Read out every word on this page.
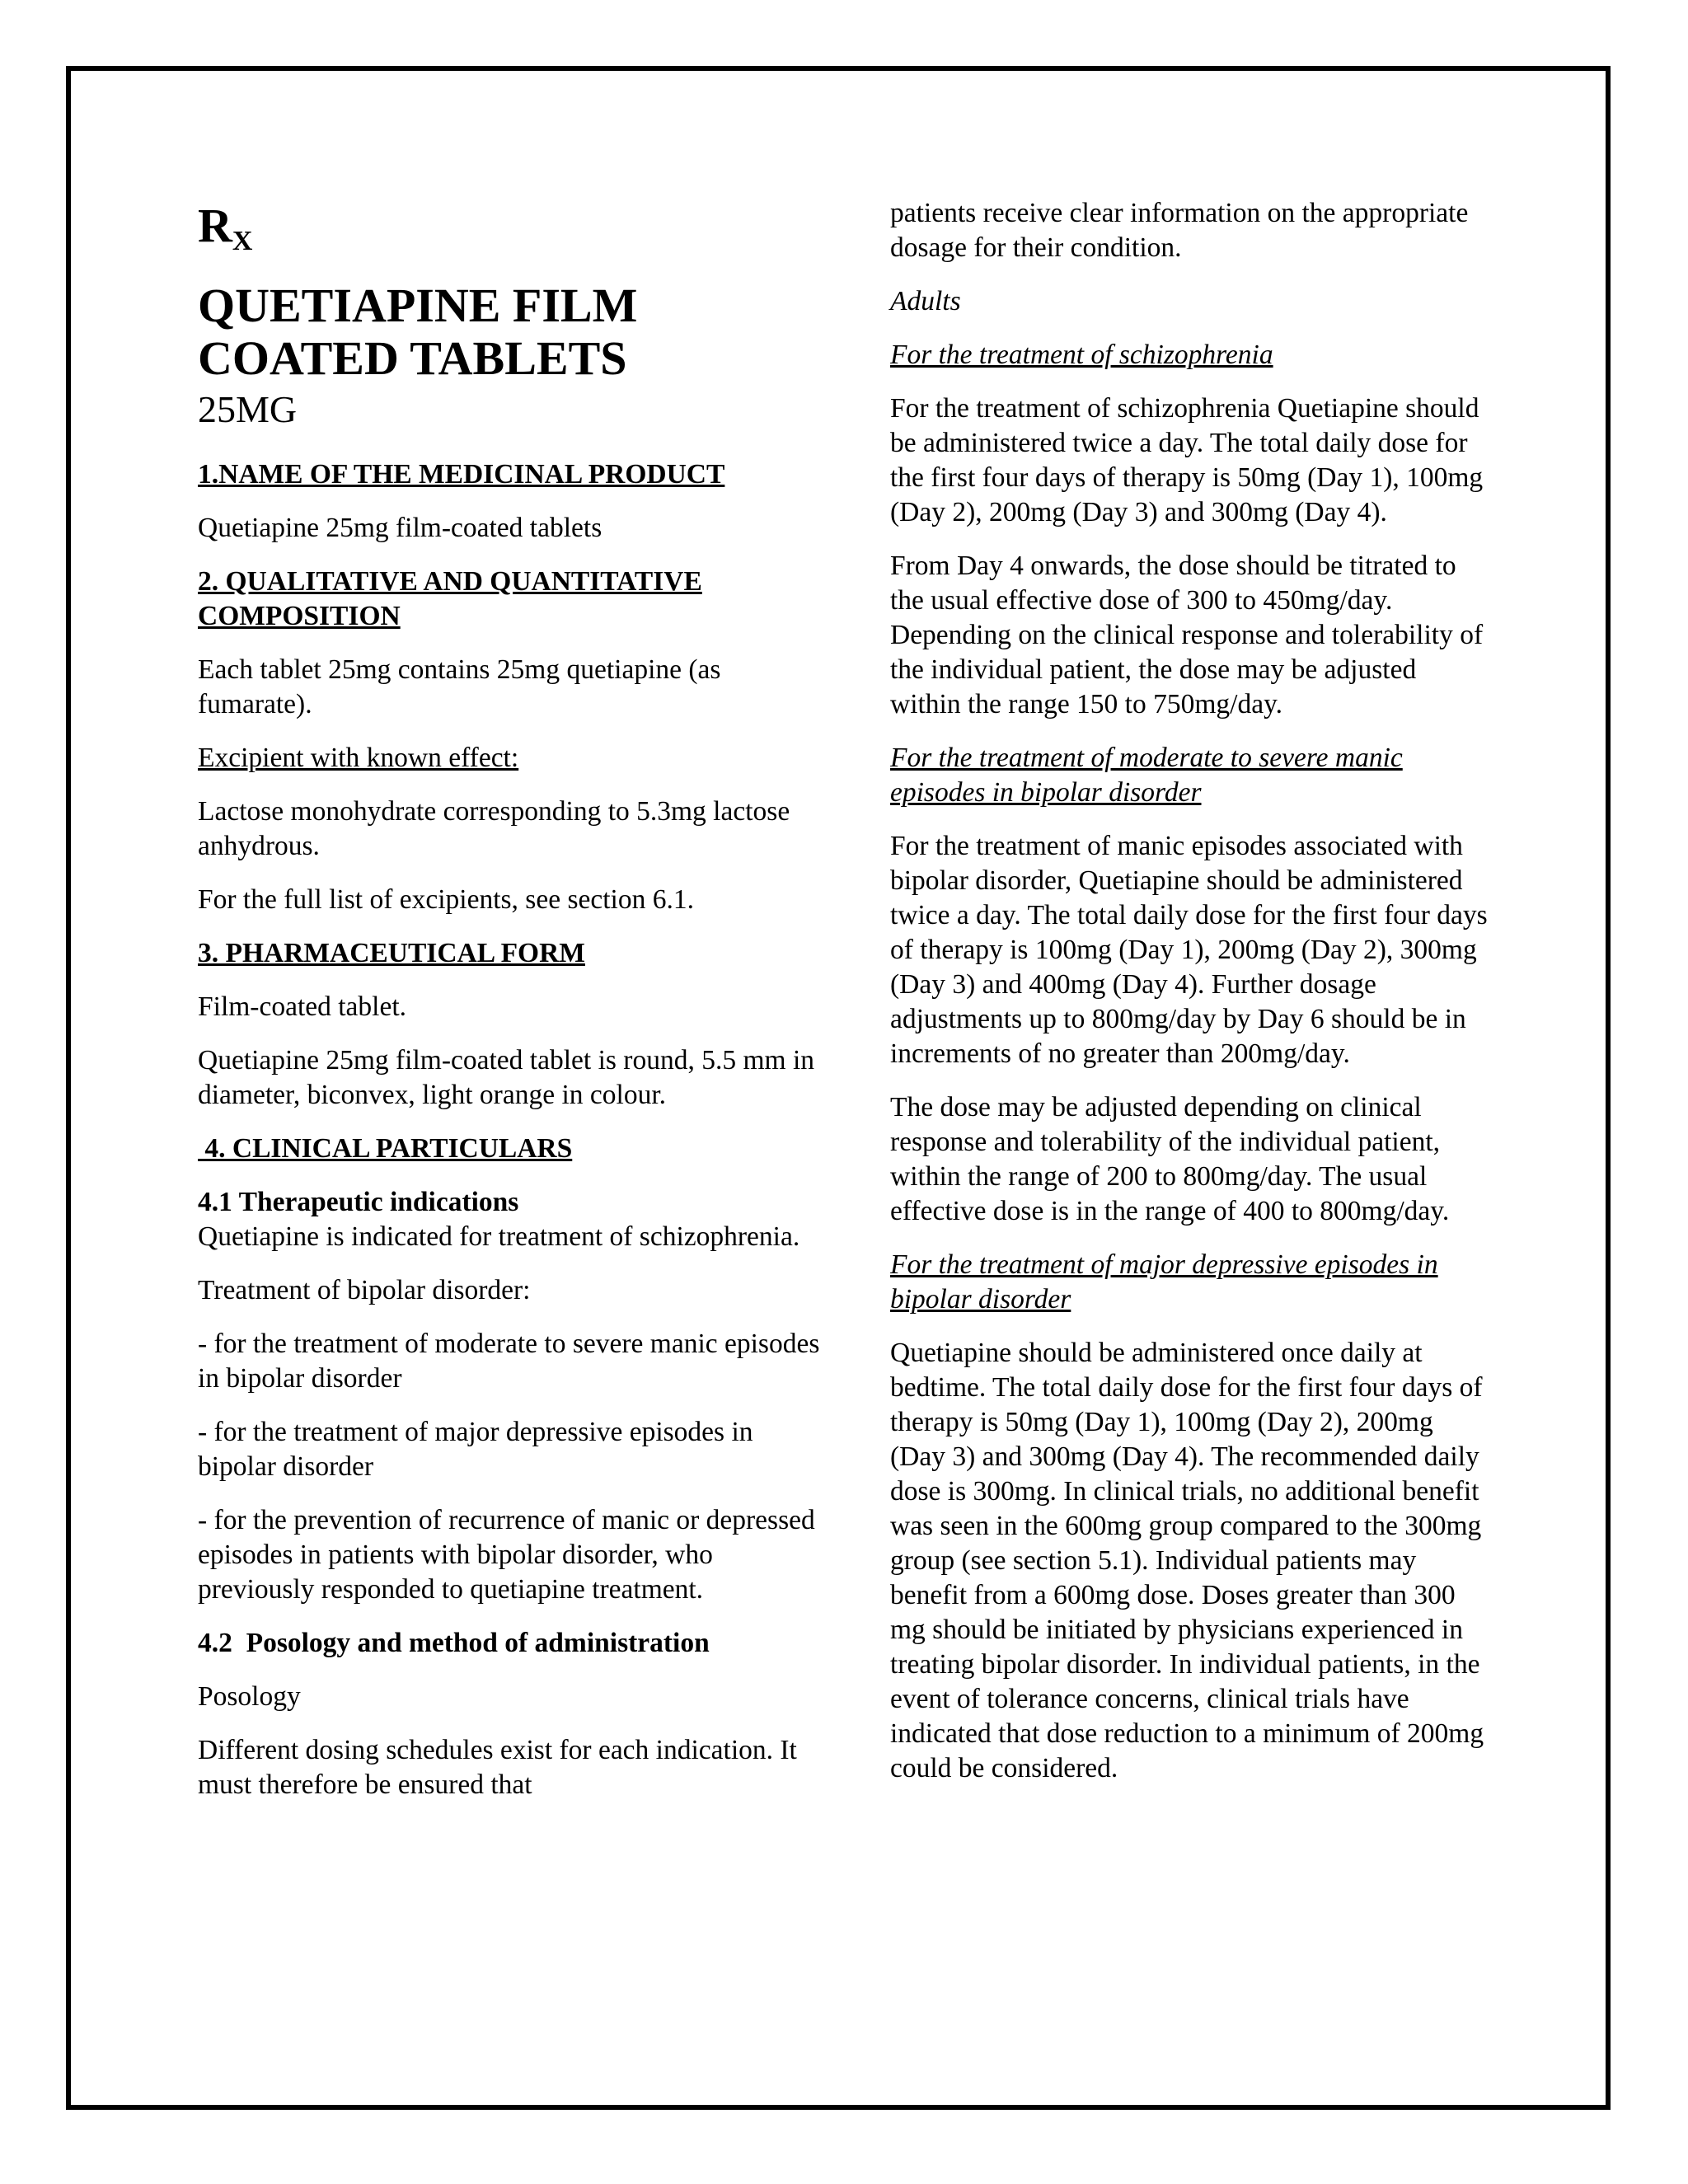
$R_X$
QUETIAPINE FILM
COATED TABLETS
25MG

1.NAME OF THE MEDICINAL PRODUCT

Quetiapine 25mg film-coated tablets

2. QUALITATIVE AND QUANTITATIVE COMPOSITION

Each tablet 25mg contains 25mg quetiapine (as fumarate).

Excipient with known effect:

Lactose monohydrate corresponding to 5.3mg lactose anhydrous.

For the full list of excipients, see section 6.1.

3. PHARMACEUTICAL FORM

Film-coated tablet.

Quetiapine 25mg film-coated tablet is round, 5.5 mm in diameter, biconvex, light orange in colour.

4. CLINICAL PARTICULARS

4.1 Therapeutic indications

Quetiapine is indicated for treatment of schizophrenia.

Treatment of bipolar disorder:

- for the treatment of moderate to severe manic episodes in bipolar disorder

- for the treatment of major depressive episodes in bipolar disorder

- for the prevention of recurrence of manic or depressed episodes in patients with bipolar disorder, who previously responded to quetiapine treatment.

4.2  Posology and method of administration

Posology

Different dosing schedules exist for each indication. It must therefore be ensured that

patients receive clear information on the appropriate dosage for their condition.

Adults

For the treatment of schizophrenia

For the treatment of schizophrenia Quetiapine should be administered twice a day. The total daily dose for the first four days of therapy is 50mg (Day 1), 100mg (Day 2), 200mg (Day 3) and 300mg (Day 4).

From Day 4 onwards, the dose should be titrated to the usual effective dose of 300 to 450mg/day. Depending on the clinical response and tolerability of the individual patient, the dose may be adjusted within the range 150 to 750mg/day.

For the treatment of moderate to severe manic episodes in bipolar disorder

For the treatment of manic episodes associated with bipolar disorder, Quetiapine should be administered twice a day. The total daily dose for the first four days of therapy is 100mg (Day 1), 200mg (Day 2), 300mg (Day 3) and 400mg (Day 4). Further dosage adjustments up to 800mg/day by Day 6 should be in increments of no greater than 200mg/day.

The dose may be adjusted depending on clinical response and tolerability of the individual patient, within the range of 200 to 800mg/day. The usual effective dose is in the range of 400 to 800mg/day.

For the treatment of major depressive episodes in bipolar disorder

Quetiapine should be administered once daily at bedtime. The total daily dose for the first four days of therapy is 50mg (Day 1), 100mg (Day 2), 200mg (Day 3) and 300mg (Day 4). The recommended daily dose is 300mg. In clinical trials, no additional benefit was seen in the 600mg group compared to the 300mg group (see section 5.1). Individual patients may benefit from a 600mg dose. Doses greater than 300 mg should be initiated by physicians experienced in treating bipolar disorder. In individual patients, in the event of tolerance concerns, clinical trials have indicated that dose reduction to a minimum of 200mg could be considered.
